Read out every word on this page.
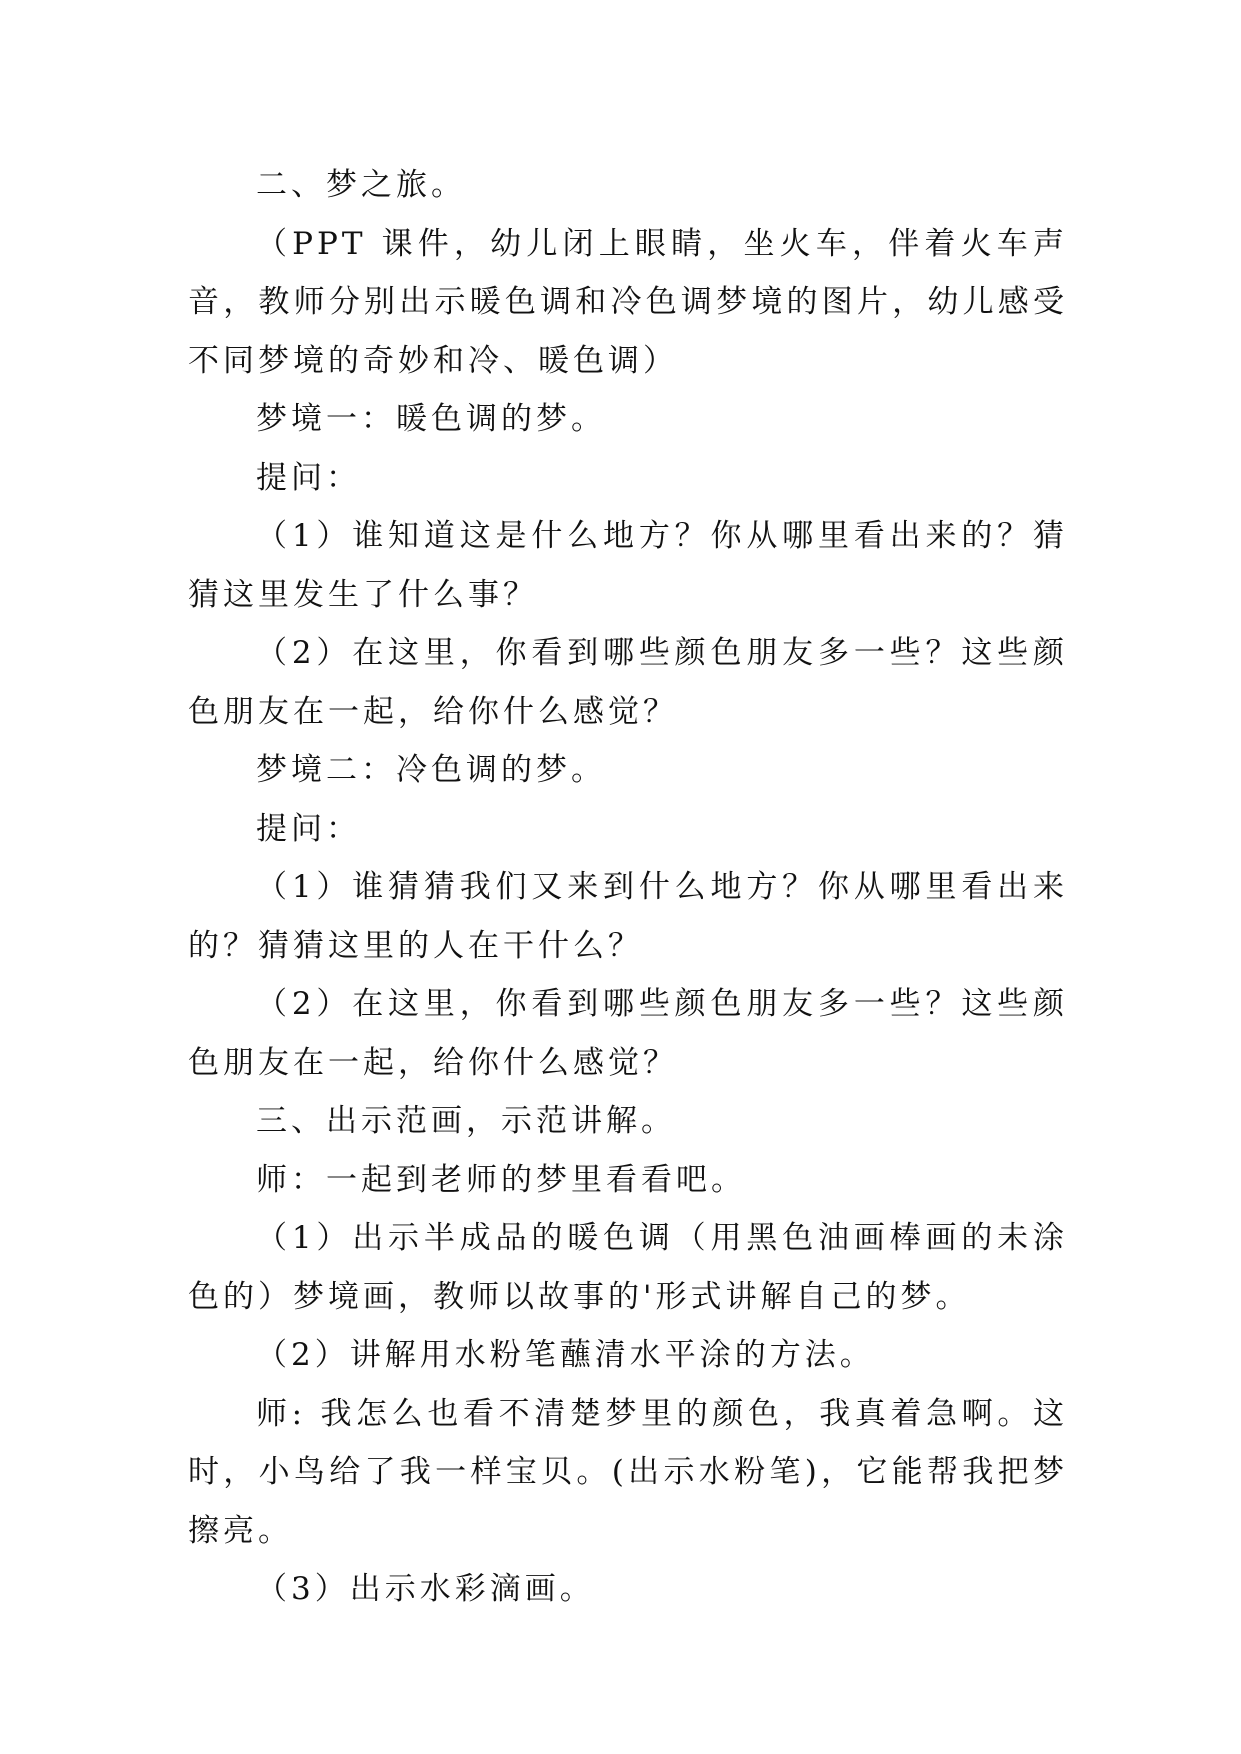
二、梦之旅。

（PPT 课件，幼儿闭上眼睛，坐火车，伴着火车声音，教师分别出示暖色调和冷色调梦境的图片，幼儿感受不同梦境的奇妙和冷、暖色调）

梦境一：暖色调的梦。

提问：

（1）谁知道这是什么地方？你从哪里看出来的？猜猜这里发生了什么事？

（2）在这里，你看到哪些颜色朋友多一些？这些颜色朋友在一起，给你什么感觉？

梦境二：冷色调的梦。

提问：

（1）谁猜猜我们又来到什么地方？你从哪里看出来的？猜猜这里的人在干什么？

（2）在这里，你看到哪些颜色朋友多一些？这些颜色朋友在一起，给你什么感觉？

三、出示范画，示范讲解。

师：一起到老师的梦里看看吧。

（1）出示半成品的暖色调（用黑色油画棒画的未涂色的）梦境画，教师以故事的'形式讲解自己的梦。

（2）讲解用水粉笔蘸清水平涂的方法。

师: 我怎么也看不清楚梦里的颜色，我真着急啊。这时，小鸟给了我一样宝贝。(出示水粉笔)，它能帮我把梦擦亮。

（3）出示水彩滴画。
